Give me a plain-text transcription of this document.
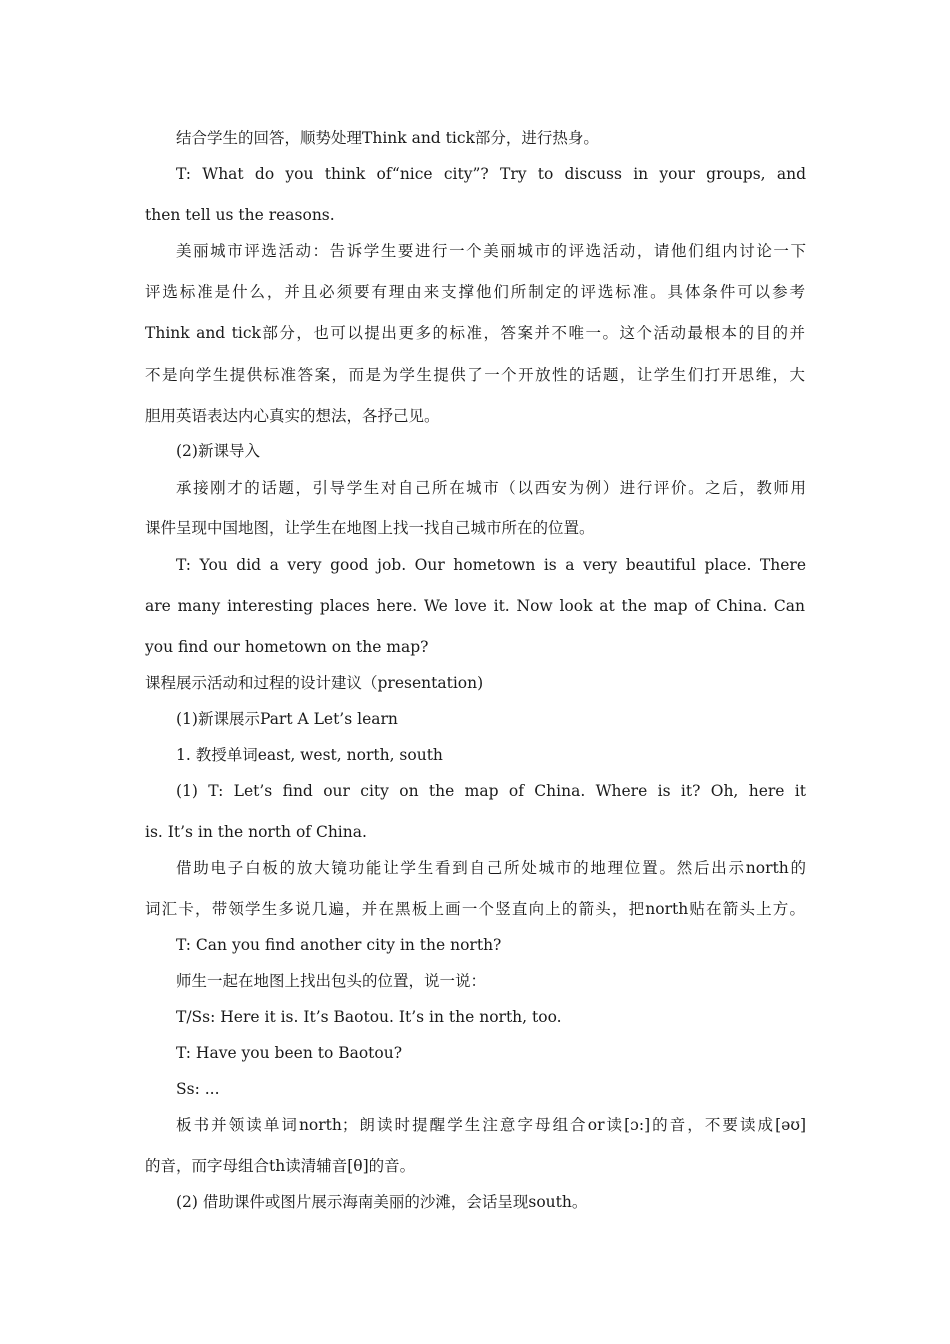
结合学生的回答，顺势处理Think and tick部分，进行热身。
T: What do you think of“nice city”? Try to discuss in your groups, and
then tell us the reasons.
美丽城市评选活动：告诉学生要进行一个美丽城市的评选活动，请他们组内讨论一下
评选标准是什么，并且必须要有理由来支撑他们所制定的评选标准。具体条件可以参考
Think and tick部分，也可以提出更多的标准，答案并不唯一。这个活动最根本的目的并
不是向学生提供标准答案，而是为学生提供了一个开放性的话题，让学生们打开思维，大
胆用英语表达内心真实的想法，各抒己见。
(2)新课导入
承接刚才的话题，引导学生对自己所在城市（以西安为例）进行评价。之后，教师用
课件呈现中国地图，让学生在地图上找一找自己城市所在的位置。
T: You did a very good job. Our hometown is a very beautiful place. There
are many interesting places here. We love it. Now look at the map of China. Can
you find our hometown on the map?
课程展示活动和过程的设计建议（presentation)
(1)新课展示Part A Let’s learn
1. 教授单词east, west, north, south
(1) T: Let’s find our city on the map of China. Where is it? Oh, here it
is. It’s in the north of China.
借助电子白板的放大镜功能让学生看到自己所处城市的地理位置。然后出示north的
词汇卡，带领学生多说几遍，并在黑板上画一个竖直向上的箭头，把north贴在箭头上方。
T: Can you find another city in the north?
师生一起在地图上找出包头的位置，说一说：
T/Ss: Here it is. It’s Baotou. It’s in the north, too.
T: Have you been to Baotou?
Ss: ...
板书并领读单词north；朗读时提醒学生注意字母组合or读[ɔ:]的音，不要读成[əʊ]
的音，而字母组合th读清辅音[θ]的音。
(2) 借助课件或图片展示海南美丽的沙滩，会话呈现south。
